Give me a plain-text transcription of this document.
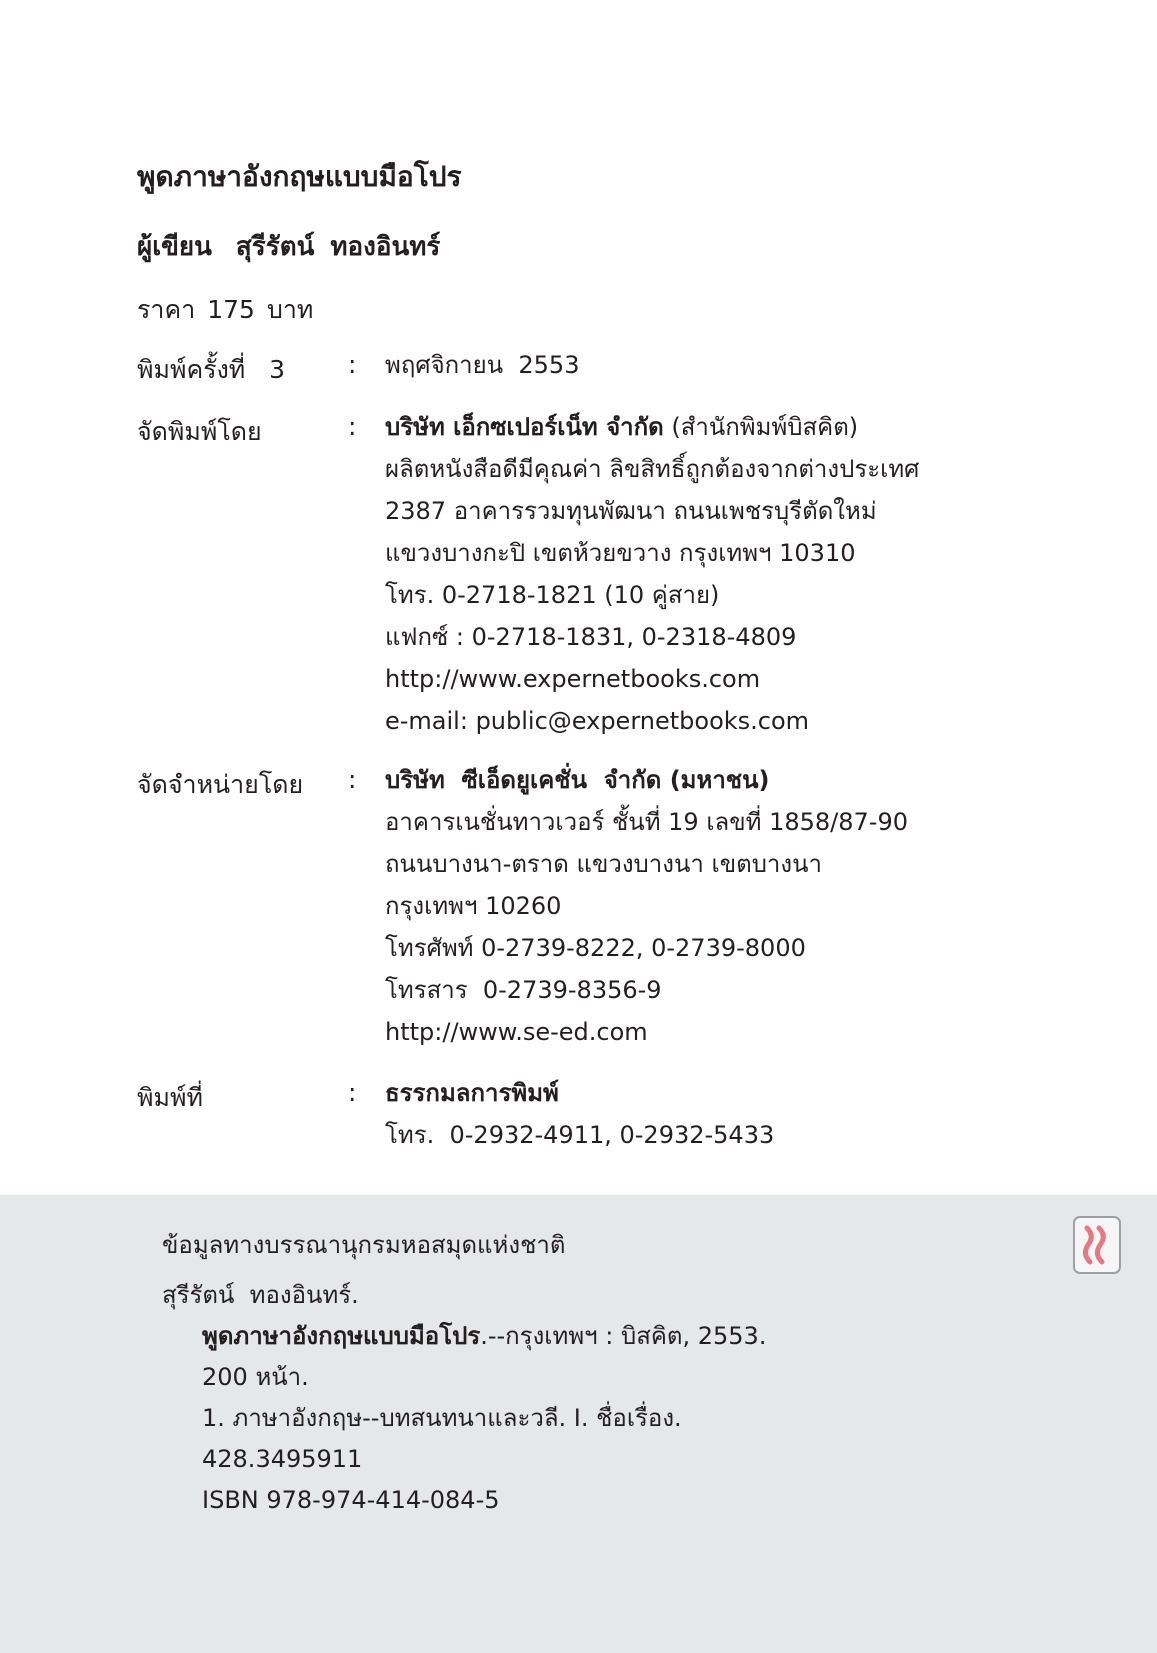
พูดภาษาอังกฤษแบบมือโปร
ผู้เขียน สุรีรัตน์ ทองอินทร์
ราคา 175 บาท
พิมพ์ครั้งที่   3	: พฤศจิกายน  2553
จัดพิมพ์โดย	: บริษัท เอ็กซเปอร์เน็ท จำกัด (สำนักพิมพ์บิสคิต)
ผลิตหนังสือดีมีคุณค่า ลิขสิทธิ์ถูกต้องจากต่างประเทศ
2387 อาคารรวมทุนพัฒนา ถนนเพชรบุรีตัดใหม่
แขวงบางกะปิ เขตห้วยขวาง กรุงเทพฯ 10310
โทร. 0-2718-1821 (10 คู่สาย)
แฟกซ์ : 0-2718-1831, 0-2318-4809
http://www.expernetbooks.com
e-mail: public@expernetbooks.com
จัดจำหน่ายโดย : บริษัท  ซีเอ็ดยูเคชั่น  จำกัด (มหาชน)
อาคารเนชั่นทาวเวอร์ ชั้นที่ 19 เลขที่ 1858/87-90
ถนนบางนา-ตราด แขวงบางนา เขตบางนา
กรุงเทพฯ 10260
โทรศัพท์ 0-2739-8222, 0-2739-8000
โทรสาร  0-2739-8356-9
http://www.se-ed.com
พิมพ์ที่	: ธรรกมลการพิมพ์
โทร.  0-2932-4911, 0-2932-5433
ข้อมูลทางบรรณานุกรมหอสมุดแห่งชาติ
สุรีรัตน์  ทองอินทร์.
พูดภาษาอังกฤษแบบมือโปร.--กรุงเทพฯ : บิสคิต, 2553.
200 หน้า.
1. ภาษาอังกฤษ--บทสนทนาและวลี. I. ชื่อเรื่อง.
428.3495911
ISBN 978-974-414-084-5
